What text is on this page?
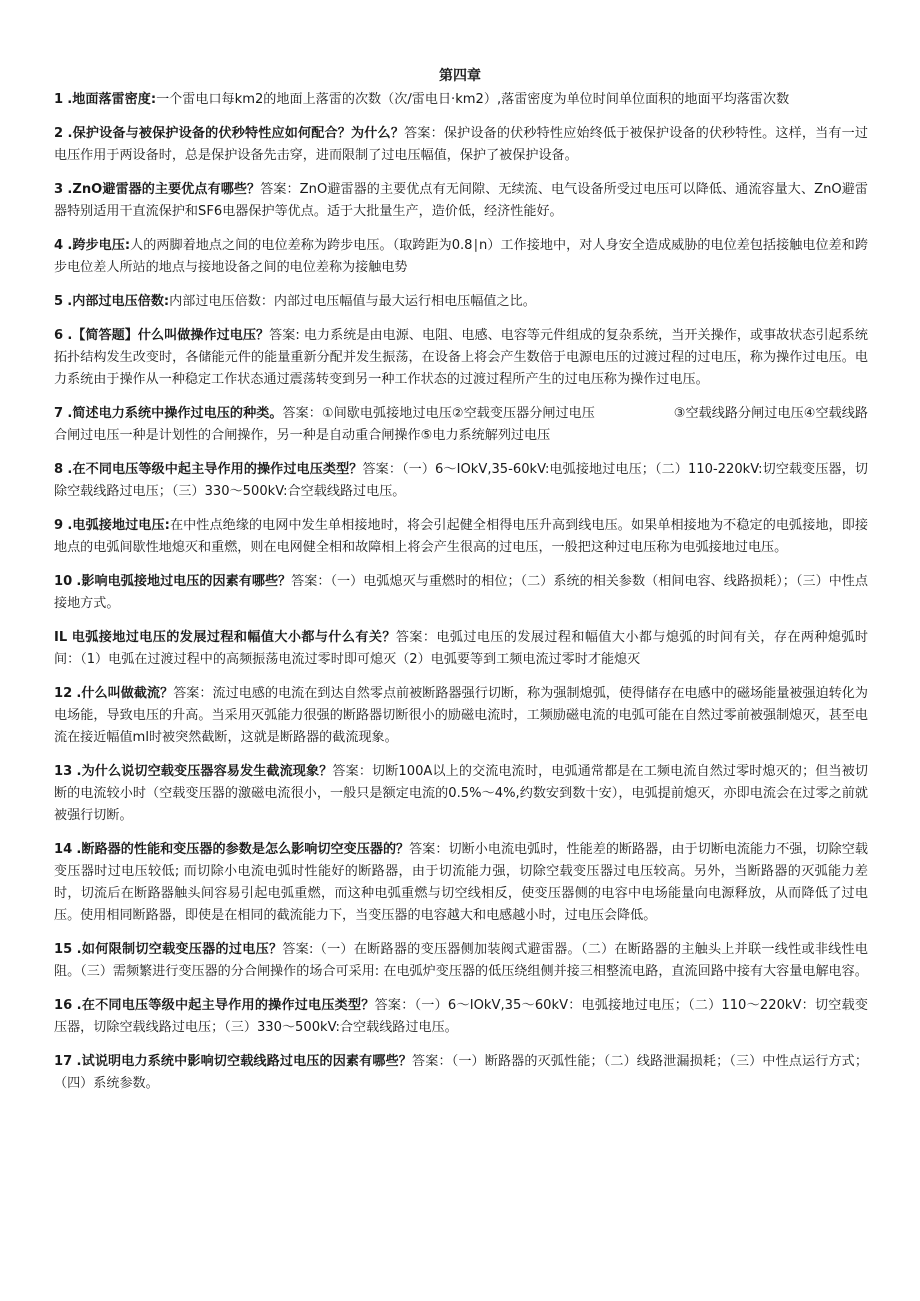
第四章

1 .地面落雷密度:一个雷电口每km2的地面上落雷的次数（次/雷电日·km2）,落雷密度为单位时间单位面积的地面平均落雷次数

2 .保护设备与被保护设备的伏秒特性应如何配合？为什么？答案：保护设备的伏秒特性应始终低于被保护设备的伏秒特性。这样，当有一过电压作用于两设备时，总是保护设备先击穿，进而限制了过电压幅值，保护了被保护设备。

3 .ZnO避雷器的主要优点有哪些？答案：ZnO避雷器的主要优点有无间隙、无续流、电气设备所受过电压可以降低、通流容量大、ZnO避雷器特别适用干直流保护和SF6电器保护等优点。适于大批量生产，造价低，经济性能好。

4 .跨步电压:人的两脚着地点之间的电位差称为跨步电压。（取跨距为0.8∣n）工作接地中，对人身安全造成威胁的电位差包括接触电位差和跨步电位差人所站的地点与接地设备之间的电位差称为接触电势

5 .内部过电压倍数:内部过电压倍数：内部过电压幅值与最大运行相电压幅值之比。

6 .【简答题】什么叫做操作过电压？答案: 电力系统是由电源、电阻、电感、电容等元件组成的复杂系统，当开关操作，或事故状态引起系统拓扑结构发生改变时，各储能元件的能量重新分配并发生振荡，在设备上将会产生数倍于电源电压的过渡过程的过电压，称为操作过电压。电力系统由于操作从一种稳定工作状态通过震荡转变到另一种工作状态的过渡过程所产生的过电压称为操作过电压。

7 .简述电力系统中操作过电压的种类。答案：①间歇电弧接地过电压②空载变压器分闸过电压　　　　　　③空载线路分闸过电压④空载线路合闸过电压一种是计划性的合闸操作，另一种是自动重合闸操作⑤电力系统解列过电压

8 .在不同电压等级中起主导作用的操作过电压类型？答案：（一）6～IOkV,35-60kV:电弧接地过电压；（二）110-220kV:切空载变压器，切除空载线路过电压；（三）330～500kV:合空载线路过电压。

9 .电弧接地过电压:在中性点绝缘的电网中发生单相接地时，将会引起健全相得电压升高到线电压。如果单相接地为不稳定的电弧接地，即接地点的电弧间歇性地熄灭和重燃，则在电网健全相和故障相上将会产生很高的过电压，一般把这种过电压称为电弧接地过电压。

10 .影响电弧接地过电压的因素有哪些？答案：（一）电弧熄灭与重燃时的相位；（二）系统的相关参数（相间电容、线路损耗）；（三）中性点接地方式。

IL 电弧接地过电压的发展过程和幅值大小都与什么有关？答案：电弧过电压的发展过程和幅值大小都与熄弧的时间有关，存在两种熄弧时间：（1）电弧在过渡过程中的高频振荡电流过零时即可熄灭（2）电弧要等到工频电流过零时才能熄灭

12 .什么叫做截流？答案：流过电感的电流在到达自然零点前被断路器强行切断，称为强制熄弧，使得储存在电感中的磁场能量被强迫转化为电场能，导致电压的升高。当采用灭弧能力很强的断路器切断很小的励磁电流时，工频励磁电流的电弧可能在自然过零前被强制熄灭，甚至电流在接近幅值ml时被突然截断，这就是断路器的截流现象。

13 .为什么说切空载变压器容易发生截流现象？答案：切断100A以上的交流电流时，电弧通常都是在工频电流自然过零时熄灭的；但当被切断的电流较小时（空载变压器的激磁电流很小，一般只是额定电流的0.5%～4%,约数安到数十安），电弧提前熄灭，亦即电流会在过零之前就被强行切断。

14 .断路器的性能和变压器的参数是怎么影响切空变压器的？答案：切断小电流电弧时，性能差的断路器，由于切断电流能力不强，切除空载变压器时过电压较低; 而切除小电流电弧时性能好的断路器，由于切流能力强，切除空载变压器过电压较高。另外，当断路器的灭弧能力差时，切流后在断路器触头间容易引起电弧重燃，而这种电弧重燃与切空线相反，使变压器侧的电容中电场能量向电源释放，从而降低了过电压。使用相同断路器，即使是在相同的截流能力下，当变压器的电容越大和电感越小时，过电压会降低。

15 .如何限制切空载变压器的过电压？答案:（一）在断路器的变压器侧加装阀式避雷器。（二）在断路器的主触头上并联一线性或非线性电阻。（三）需频繁进行变压器的分合闸操作的场合可采用: 在电弧炉变压器的低压绕组侧并接三相整流电路，直流回路中接有大容量电解电容。

16 .在不同电压等级中起主导作用的操作过电压类型？答案：（一）6～IOkV,35～60kV：电弧接地过电压；（二）110～220kV：切空载变压器，切除空载线路过电压；（三）330～500kV:合空载线路过电压。

17 .试说明电力系统中影响切空载线路过电压的因素有哪些？答案：（一）断路器的灭弧性能；（二）线路泄漏损耗；（三）中性点运行方式；（四）系统参数。
